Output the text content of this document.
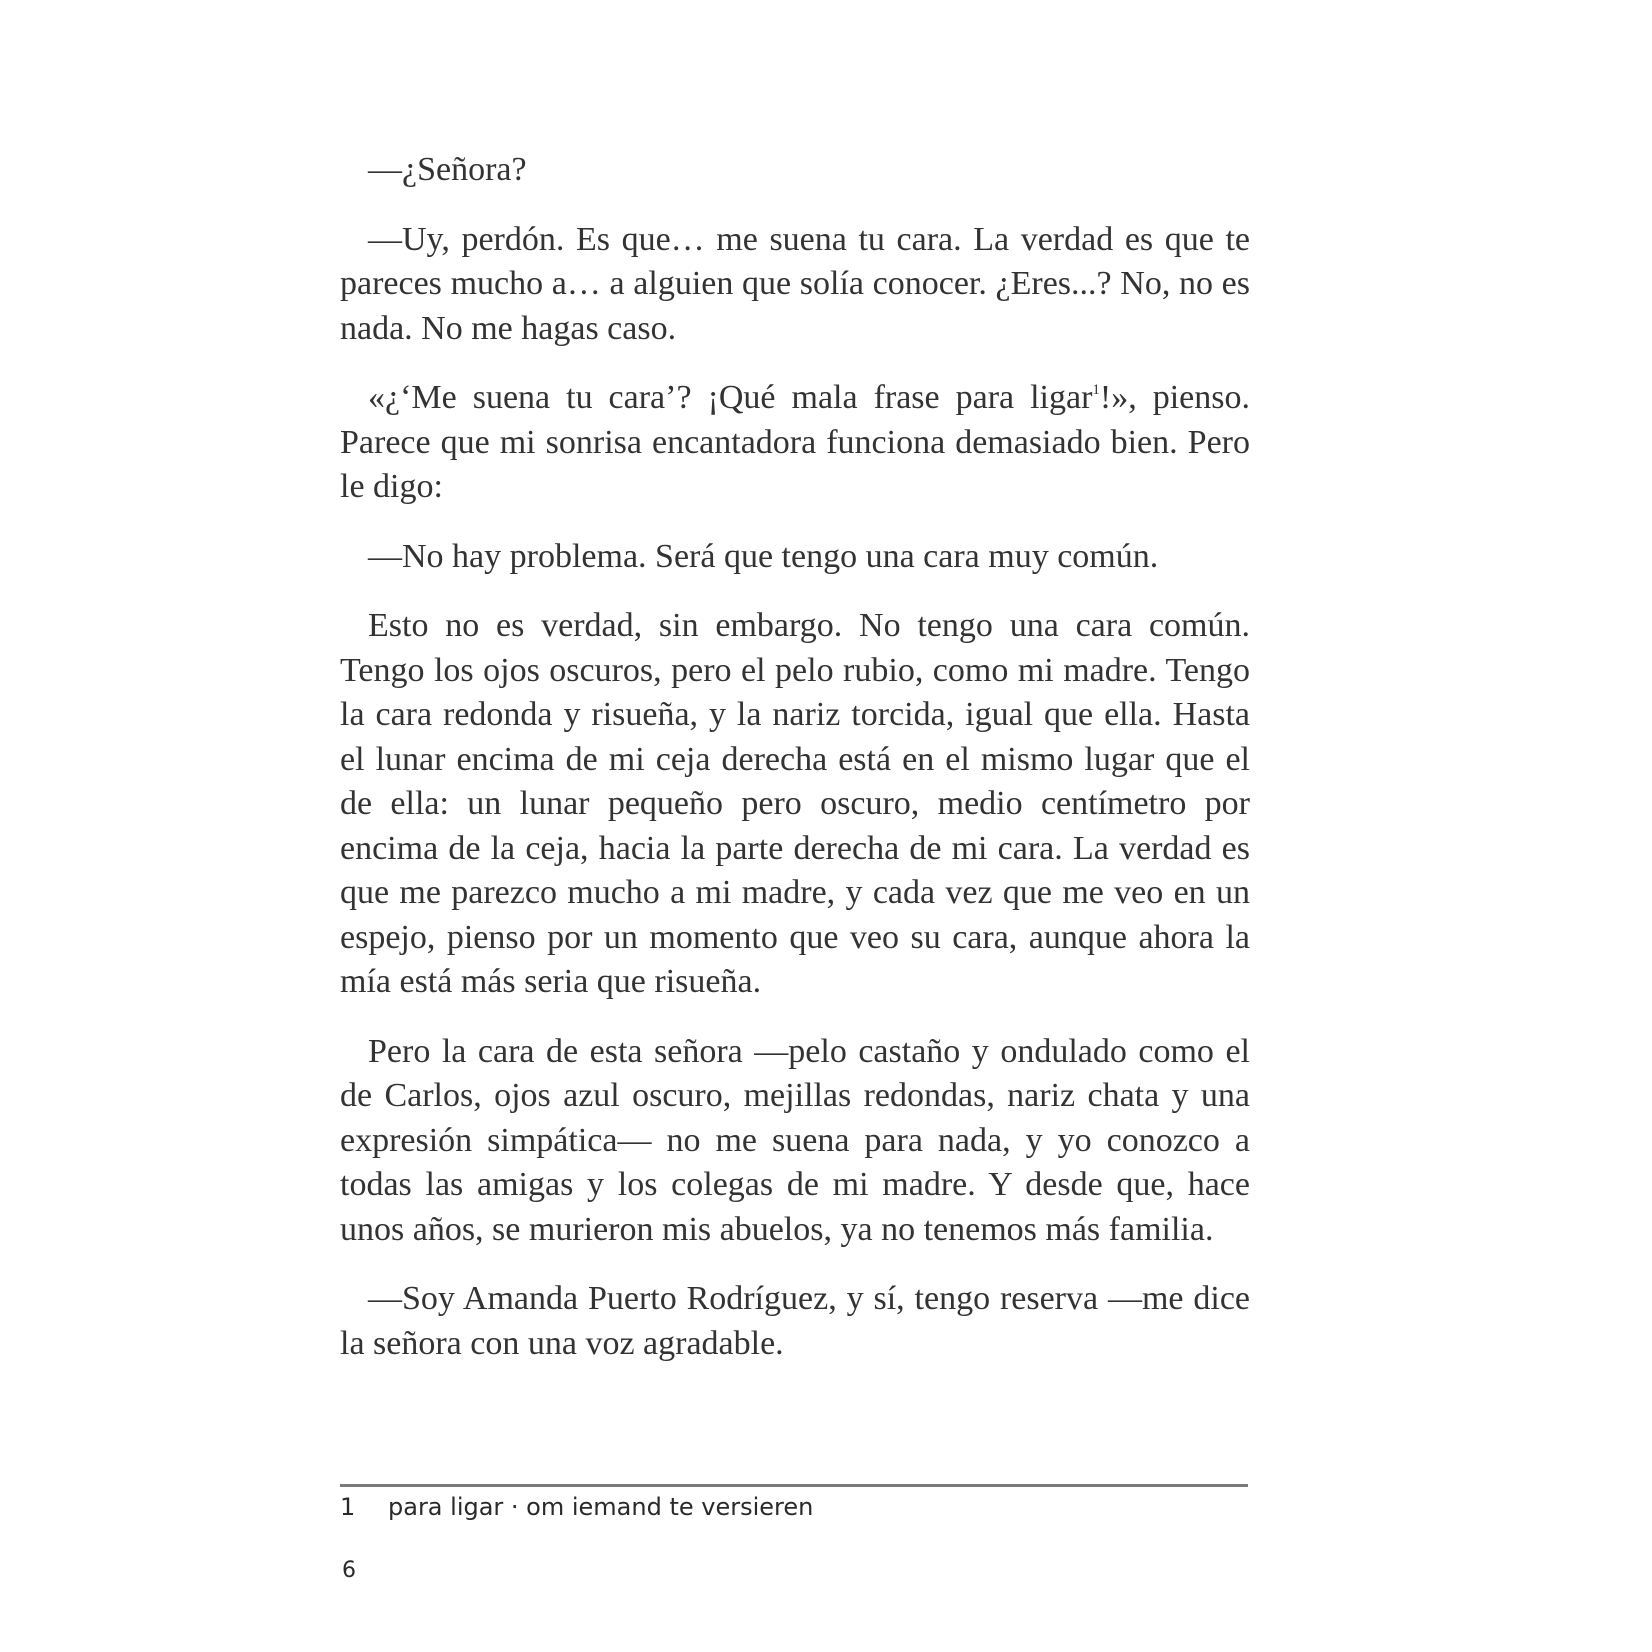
—¿Señora?

—Uy, perdón. Es que… me suena tu cara. La verdad es que te pareces mucho a… a alguien que solía conocer. ¿Eres...? No, no es nada. No me hagas caso.

«¿‘Me suena tu cara’? ¡Qué mala frase para ligar$^1$!», pienso. Parece que mi sonrisa encantadora funciona demasiado bien. Pero le digo:

—No hay problema. Será que tengo una cara muy común.

Esto no es verdad, sin embargo. No tengo una cara común. Tengo los ojos oscuros, pero el pelo rubio, como mi madre. Tengo la cara redonda y risueña, y la nariz torcida, igual que ella. Hasta el lunar encima de mi ceja derecha está en el mismo lugar que el de ella: un lunar pequeño pero oscuro, medio centímetro por encima de la ceja, hacia la parte derecha de mi cara. La verdad es que me parezco mucho a mi madre, y cada vez que me veo en un espejo, pienso por un momento que veo su cara, aunque ahora la mía está más seria que risueña.

Pero la cara de esta señora —pelo castaño y ondulado como el de Carlos, ojos azul oscuro, mejillas redondas, nariz chata y una expresión simpática— no me suena para nada, y yo conozco a todas las amigas y los colegas de mi madre. Y desde que, hace unos años, se murieron mis abuelos, ya no tenemos más familia.

—Soy Amanda Puerto Rodríguez, y sí, tengo reserva —me dice la señora con una voz agradable.

1 para ligar · om iemand te versieren
6
